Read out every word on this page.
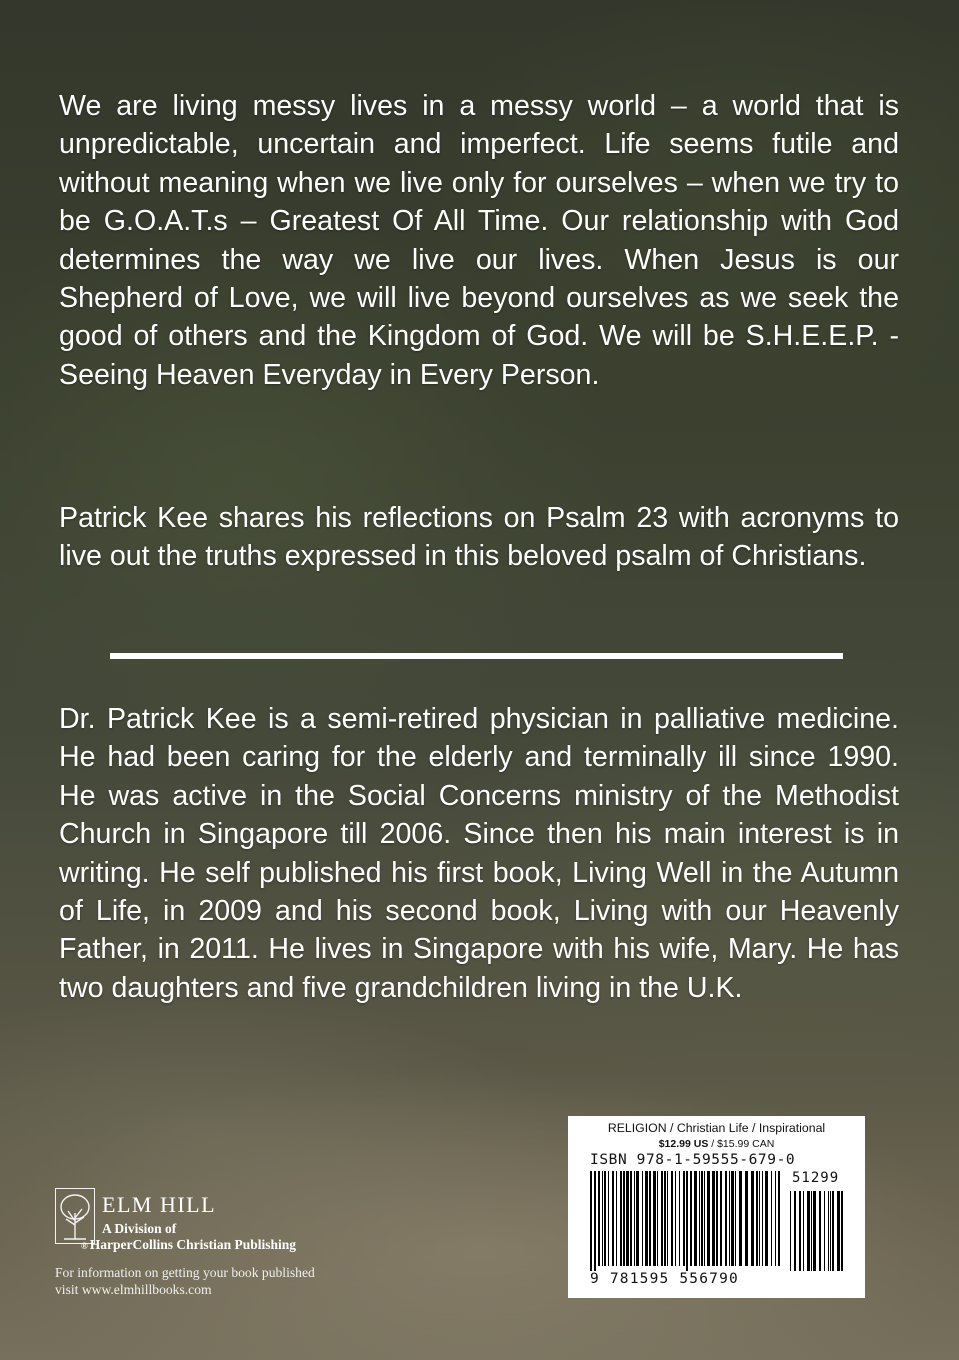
We are living messy lives in a messy world – a world that is unpredictable, uncertain and imperfect. Life seems futile and without meaning when we live only for ourselves – when we try to be G.O.A.T.s – Greatest Of All Time. Our relationship with God determines the way we live our lives. When Jesus is our Shepherd of Love, we will live beyond ourselves as we seek the good of others and the Kingdom of God. We will be S.H.E.E.P. - Seeing Heaven Everyday in Every Person.
Patrick Kee shares his reflections on Psalm 23 with acronyms to live out the truths expressed in this beloved psalm of Christians.
Dr. Patrick Kee is a semi-retired physician in palliative medicine. He had been caring for the elderly and terminally ill since 1990. He was active in the Social Concerns ministry of the Methodist Church in Singapore till 2006. Since then his main interest is in writing. He self published his first book, Living Well in the Autumn of Life, in 2009 and his second book, Living with our Heavenly Father, in 2011. He lives in Singapore with his wife, Mary. He has two daughters and five grandchildren living in the U.K.
ELM HILL
A Division of
® HarperCollins Christian Publishing
For information on getting your book published
visit www.elmhillbooks.com
RELIGION / Christian Life / Inspirational
$12.99 US / $15.99 CAN
ISBN 978-1-59555-679-0
51299
9 781595 556790
